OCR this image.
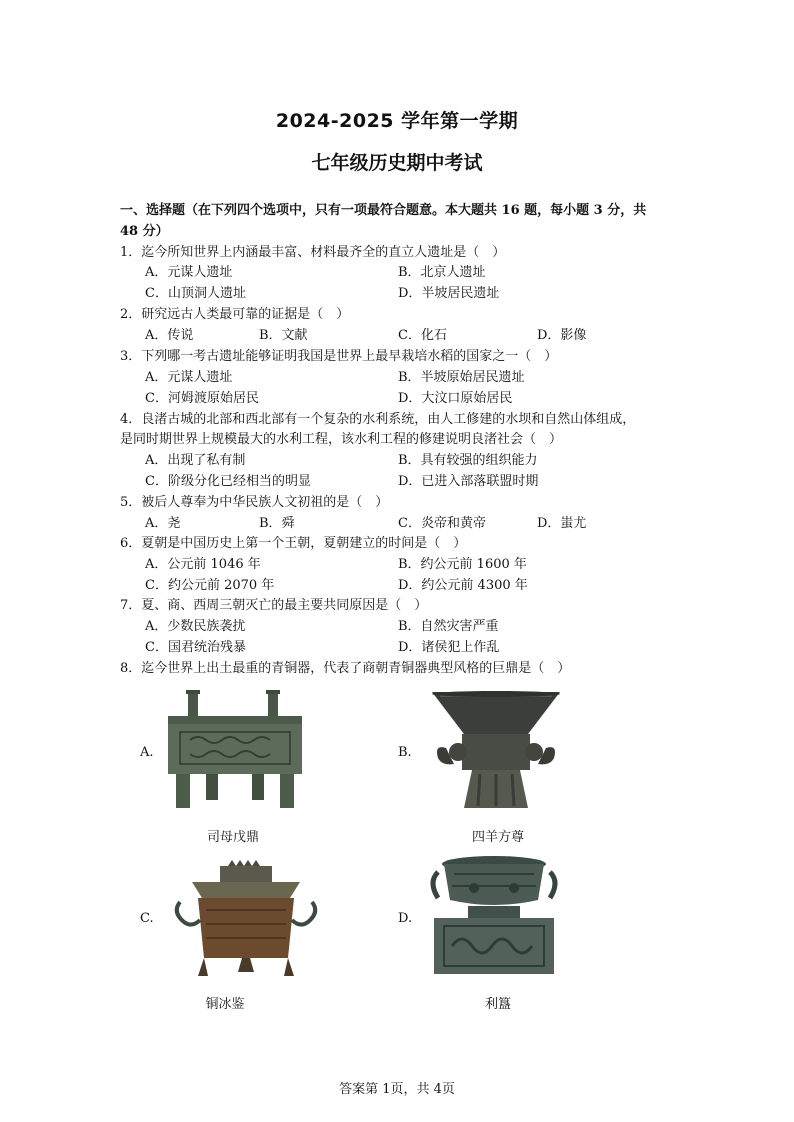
2024-2025 学年第一学期
七年级历史期中考试
一、选择题（在下列四个选项中，只有一项最符合题意。本大题共 16 题，每小题 3 分，共
48 分）
1．迄今所知世界上内涵最丰富、材料最齐全的直立人遗址是（　）
A．元谋人遗址	B．北京人遗址
C．山顶洞人遗址	D．半坡居民遗址
2．研究远古人类最可靠的证据是（　）
A．传说	B．文献	C．化石	D．影像
3．下列哪一考古遗址能够证明我国是世界上最早栽培水稻的国家之一（　）
A．元谋人遗址	B．半坡原始居民遗址
C．河姆渡原始居民	D．大汶口原始居民
4．良渚古城的北部和西北部有一个复杂的水利系统，由人工修建的水坝和自然山体组成，
是同时期世界上规模最大的水利工程，该水利工程的修建说明良渚社会（　）
A．出现了私有制	B．具有较强的组织能力
C．阶级分化已经相当的明显	D．已进入部落联盟时期
5．被后人尊奉为中华民族人文初祖的是（　）
A．尧	B．舜	C．炎帝和黄帝	D．蚩尤
6．夏朝是中国历史上第一个王朝，夏朝建立的时间是（　）
A．公元前 1046 年	B．约公元前 1600 年
C．约公元前 2070 年	D．约公元前 4300 年
7．夏、商、西周三朝灭亡的最主要共同原因是（　）
A．少数民族袭扰	B．自然灾害严重
C．国君统治残暴	D．诸侯犯上作乱
8．迄今世界上出土最重的青铜器，代表了商朝青铜器典型风格的巨鼎是（　）
A.
司母戊鼎
B.
四羊方尊
C.
铜冰鉴
D.
利簋
答案第 1页，共 4页
